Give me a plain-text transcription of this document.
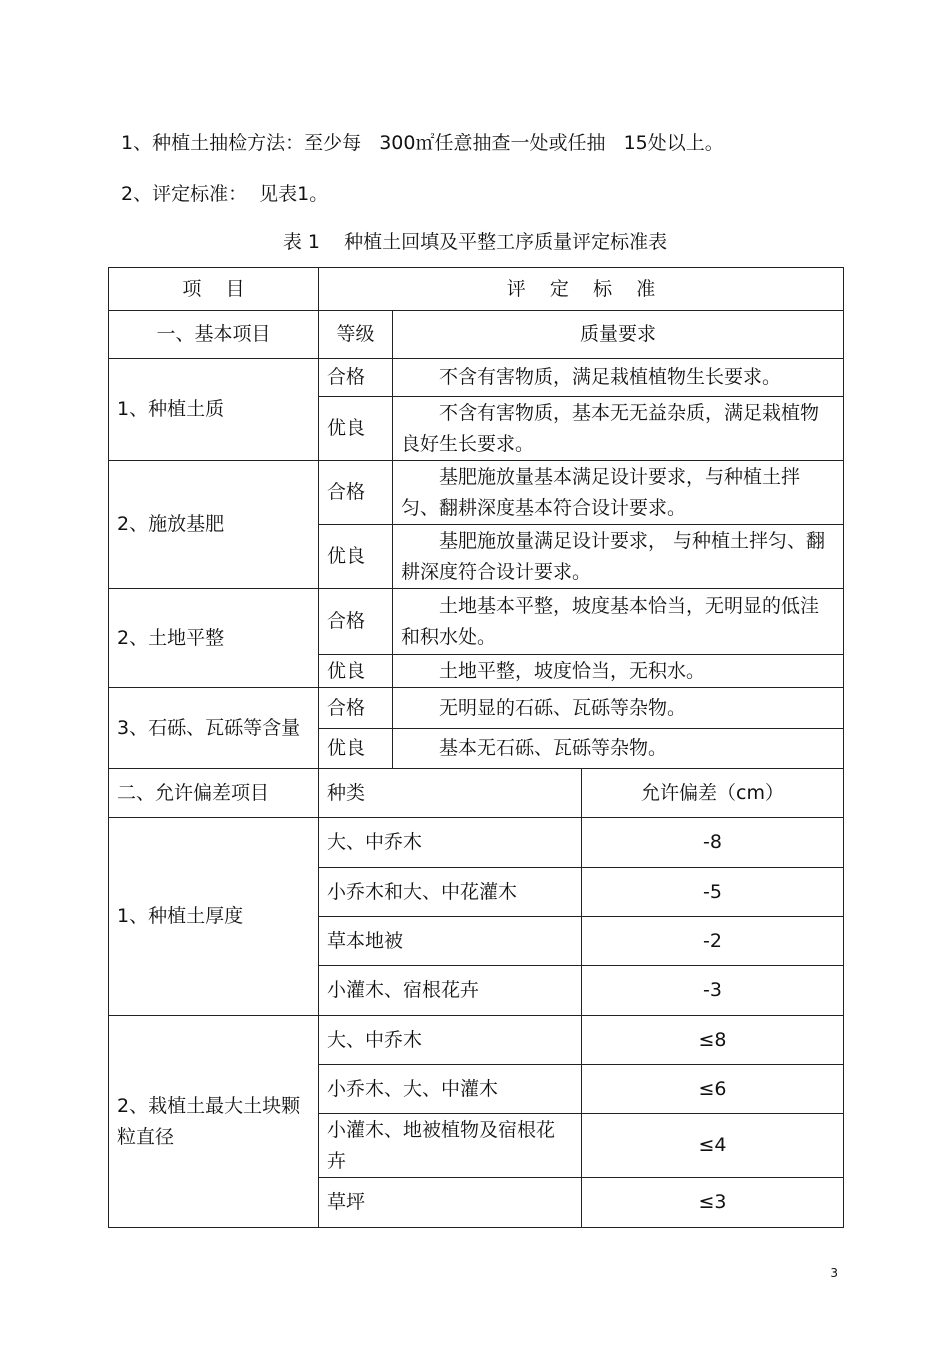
1、种植土抽检方法：至少每   300㎡任意抽查一处或任抽   15处以上。
2、评定标准：  见表1。
表 1    种植土回填及平整工序质量评定标准表
项    目	评    定    标    准		
一、基本项目	等级	质量要求	
1、种植土质	合格	不含有害物质，满足栽植植物生长要求。	
	优良	不含有害物质，基本无无益杂质，满足栽植物良好生长要求。	
2、施放基肥	合格	基肥施放量基本满足设计要求，与种植土拌匀、翻耕深度基本符合设计要求。	
	优良	基肥施放量满足设计要求， 与种植土拌匀、翻耕深度符合设计要求。	
2、土地平整	合格	土地基本平整，坡度基本恰当，无明显的低洼和积水处。	
	优良	土地平整，坡度恰当，无积水。	
3、石砾、瓦砾等含量	合格	无明显的石砾、瓦砾等杂物。	
	优良	基本无石砾、瓦砾等杂物。	
二、允许偏差项目	种类		允许偏差（cm）
1、种植土厚度	大、中乔木		-8
	小乔木和大、中花灌木		-5
	草本地被		-2
	小灌木、宿根花卉		-3
2、栽植土最大土块颗粒直径	大、中乔木		≤8
	小乔木、大、中灌木		≤6
	小灌木、地被植物及宿根花卉		≤4
	草坪		≤3
3
